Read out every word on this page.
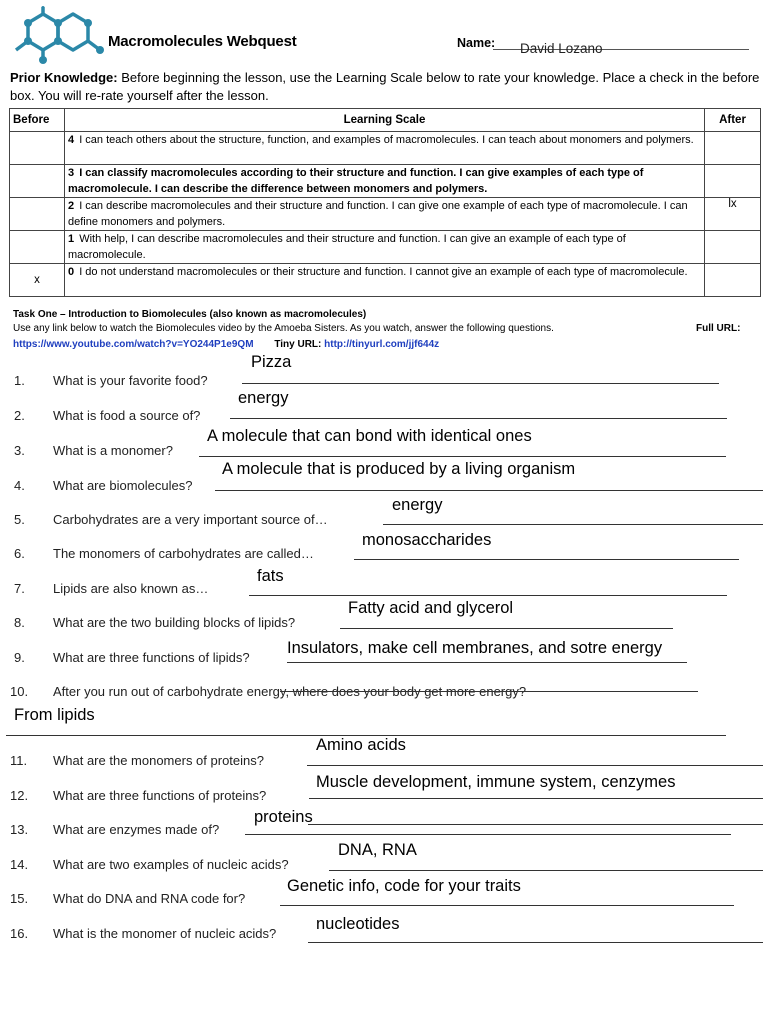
Macromolecules Webquest	Name: David Lozano
Prior Knowledge: Before beginning the lesson, use the Learning Scale below to rate your knowledge. Place a check in the before box. You will re-rate yourself after the lesson.
Before	Learning Scale	After
	4 I can teach others about the structure, function, and examples of macromolecules. I can teach about monomers and polymers.	
	3 I can classify macromolecules according to their structure and function. I can give examples of each type of macromolecule. I can describe the difference between monomers and polymers.	
	2 I can describe macromolecules and their structure and function. I can give one example of each type of macromolecule. I can define monomers and polymers.	lx
	1 With help, I can describe macromolecules and their structure and function. I can give an example of each type of macromolecule.	
x	0 I do not understand macromolecules or their structure and function. I cannot give an example of each type of macromolecule.	
Task One – Introduction to Biomolecules (also known as macromolecules)
Use any link below to watch the Biomolecules video by the Amoeba Sisters. As you watch, answer the following questions.	Full URL:
https://www.youtube.com/watch?v=YO244P1e9QM Tiny URL: http://tinyurl.com/jjf644z
1. What is your favorite food?
Pizza
2. What is food a source of?
energy
3. What is a monomer?
A molecule that can bond with identical ones
4. What are biomolecules?
A molecule that is produced by a living organism
5. Carbohydrates are a very important source of…
energy
6. The monomers of carbohydrates are called…
monosaccharides
7. Lipids are also known as…
fats
8. What are the two building blocks of lipids?
Fatty acid and glycerol
9. What are three functions of lipids?
Insulators, make cell membranes, and sotre energy
10. After you run out of carbohydrate energy, where does your body get more energy?
From lipids
11. What are the monomers of proteins?
Amino acids
12. What are three functions of proteins?
Muscle development, immune system, cenzymes
13. What are enzymes made of?
proteins
14. What are two examples of nucleic acids?
DNA, RNA
15. What do DNA and RNA code for?
Genetic info, code for your traits
16. What is the monomer of nucleic acids?
nucleotides
